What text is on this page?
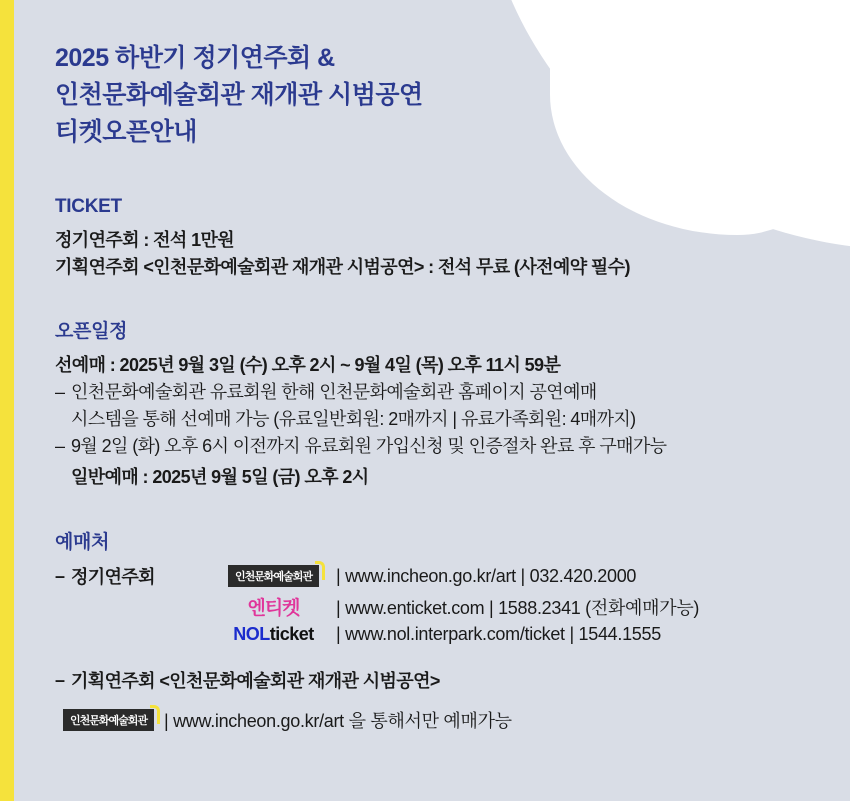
2025 하반기 정기연주회 &
인천문화예술회관 재개관 시범공연
티켓오픈안내
TICKET
정기연주회 : 전석 1만원
기획연주회 <인천문화예술회관 재개관 시범공연> : 전석 무료 (사전예약 필수)
오픈일정
선예매 : 2025년 9월 3일 (수) 오후 2시 ~ 9월 4일 (목) 오후 11시 59분
– 인천문화예술회관 유료회원 한해 인천문화예술회관 홈페이지 공연예매
시스템을 통해 선예매 가능 (유료일반회원: 2매까지 | 유료가족회원: 4매까지)
– 9월 2일 (화) 오후 6시 이전까지 유료회원 가입신청 및 인증절차 완료 후 구매가능
일반예매 : 2025년 9월 5일 (금) 오후 2시
예매처
– 정기연주회	인천문화예술회관	| www.incheon.go.kr/art | 032.420.2000
엔티켓 | www.enticket.com | 1588.2341 (전화예매가능)
NOLticket | www.nol.interpark.com/ticket | 1544.1555
– 기획연주회 <인천문화예술회관 재개관 시범공연>
인천문화예술회관 | www.incheon.go.kr/art 을 통해서만 예매가능
